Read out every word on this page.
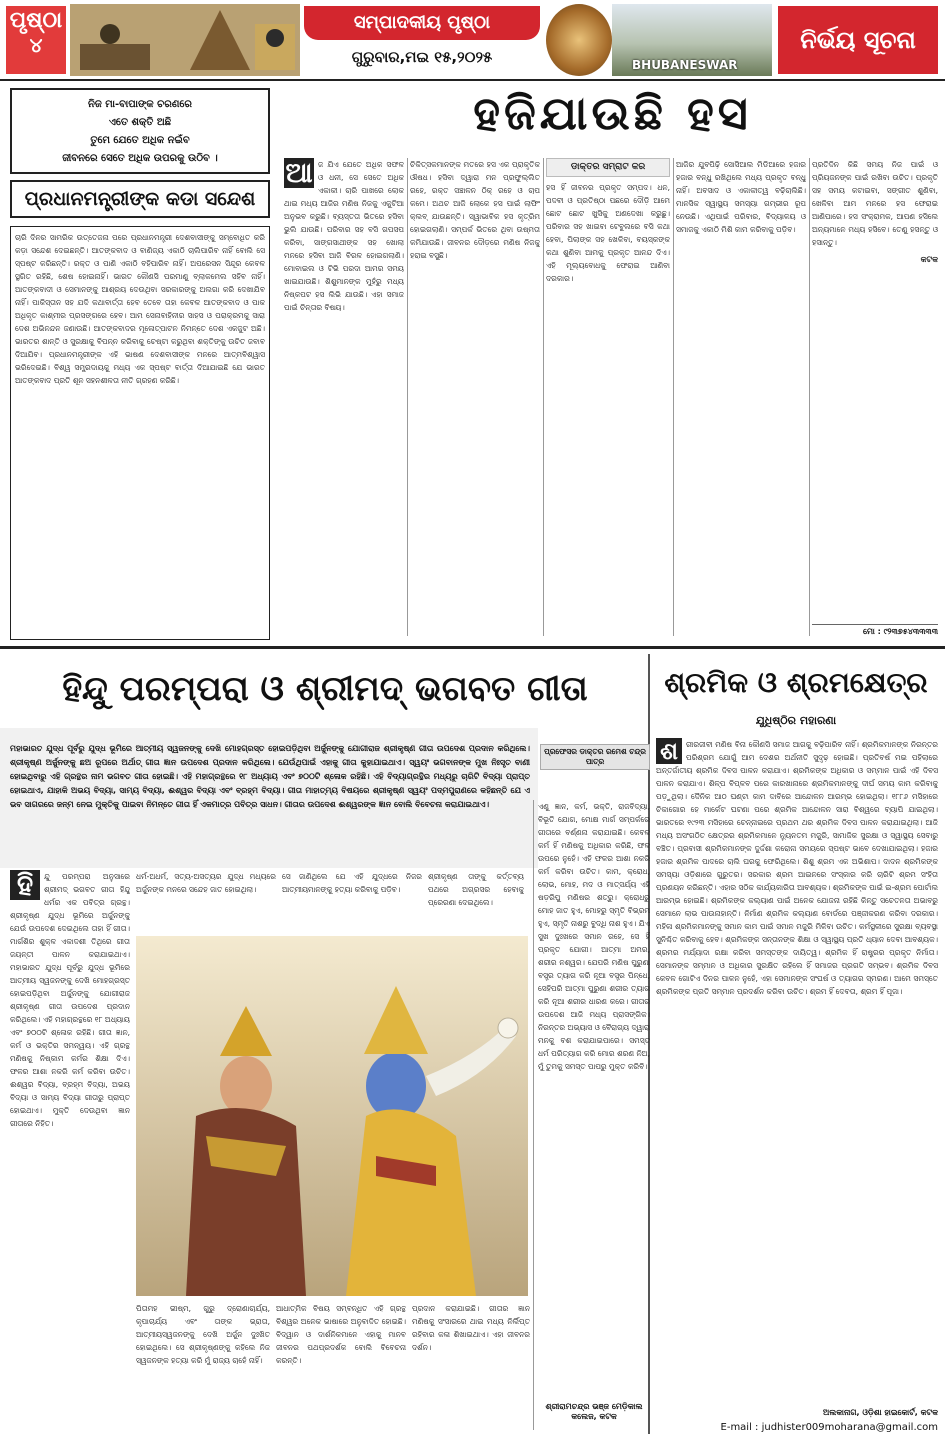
ପୃଷ୍ଠା
୪
ସମ୍ପାଦକୀୟ ପୃଷ୍ଠା
ଗୁରୁବାର,ମଇ ୧୫,୨୦୨୫	BHUBANESWAR
ନିର୍ଭୟ ସୂଚନା
ନିଜ ମା-ବାପାଙ୍କ ଚରଣରେ
ଏତେ ଶକ୍ତି ଅଛି
ତୁମେ ଯେତେ ଅଧିକ ନଇଁବ
ଜୀବନରେ ସେତେ ଅଧିକ ଉପରକୁ ଉଠିବ ।
ହଜିଯାଉଛି ହସ
ପ୍ରଧାନମନ୍ତ୍ରୀଙ୍କ କଡା ସନ୍ଦେଶ
ଚାରି ଦିନର ସାମରିକ ଉତ୍ତେଜନା ପରେ ପ୍ରଧାନମନ୍ତ୍ରୀ ଦେଶବାସୀଙ୍କୁ ସମ୍ବୋଧିତ କରି କଡ଼ା ସନ୍ଦେଶ ଦେଇଛନ୍ତି। ଆତଙ୍କବାଦ ଓ ବାଣିଜ୍ୟ ଏକାଠି ଚାଲିପାରିବ ନାହିଁ ବୋଲି ସେ ସ୍ପଷ୍ଟ କରିଛନ୍ତି। ରକ୍ତ ଓ ପାଣି ଏକାଠି ବହିପାରିବ ନାହିଁ। ଅପରେସନ ସିନ୍ଦୂର କେବଳ ସ୍ଥଗିତ ରହିଛି, ଶେଷ ହୋଇନାହିଁ। ଭାରତ କୌଣସି ପରମାଣୁ ବ୍ଲାକମେଲ ସହିବ ନାହିଁ। ଆତଙ୍କବାଦୀ ଓ ସେମାନଙ୍କୁ ଆଶ୍ରୟ ଦେଉଥିବା ସରକାରଙ୍କୁ ଅଲଗା କରି ଦେଖାଯିବ ନାହିଁ। ପାକିସ୍ତାନ ସହ ଯଦି କଥାବାର୍ତ୍ତା ହେବ ତେବେ ତାହା କେବଳ ଆତଙ୍କବାଦ ଓ ପାକ ଅଧିକୃତ କାଶ୍ମୀର ପ୍ରସଙ୍ଗରେ ହେବ। ଆମ ସେନାବାହିନୀର ସାହସ ଓ ପରାକ୍ରମକୁ ସାରା ଦେଶ ଅଭିନନ୍ଦନ ଜଣାଉଛି। ଆତଙ୍କବାଦର ମୂଳୋତ୍ପାଟନ ନିମନ୍ତେ ଦେଶ ଏକଜୁଟ ଅଛି। ଭାରତର ଶାନ୍ତି ଓ ସୁରକ୍ଷାକୁ ବିପନ୍ନ କରିବାକୁ ଚେଷ୍ଟା କରୁଥିବା ଶକ୍ତିଙ୍କୁ ଉଚିତ ଜବାବ ଦିଆଯିବ। ପ୍ରଧାନମନ୍ତ୍ରୀଙ୍କ ଏହି ଭାଷଣ ଦେଶବାସୀଙ୍କ ମନରେ ଆତ୍ମବିଶ୍ୱାସ ଭରିଦେଇଛି। ବିଶ୍ୱ ସମ୍ପ୍ରଦାୟକୁ ମଧ୍ୟ ଏକ ସ୍ପଷ୍ଟ ବାର୍ତ୍ତା ଦିଆଯାଇଛି ଯେ ଭାରତ ଆତଙ୍କବାଦ ପ୍ରତି ଶୂନ ସହନଶୀଳତା ନୀତି ଗ୍ରହଣ କରିଛି।
ଆ ଜ ଯିଏ ଯେତେ ଅଧିକ ସଫଳ ଓ ଧନୀ, ସେ ସେତେ ଅଧିକ ଏକାକୀ। ଚାରି ପାଖରେ ଲୋକ ଥାଇ ମଧ୍ୟ ଆଜିର ମଣିଷ ନିଜକୁ ଏକୁଟିଆ ଅନୁଭବ କରୁଛି। ବ୍ୟସ୍ତତା ଭିତରେ ହସିବା ଭୁଲି ଯାଉଛି। ପରିବାର ସହ ବସି ଗପସପ କରିବା, ସାଙ୍ଗସାଥୀଙ୍କ ସହ ଖୋଲା ମନରେ ହସିବା ଆଜି ବିରଳ ହୋଇଗଲାଣି। ମୋବାଇଲ ଓ ଟିଭି ପରଦା ଆମର ସମୟ ଖାଇଯାଉଛି। ଶିଶୁମାନଙ୍କ ମୁହଁରୁ ମଧ୍ୟ ନିଷ୍କପଟ ହସ ଲିଭି ଯାଉଛି। ଏହା ସମାଜ ପାଇଁ ଚିନ୍ତାର ବିଷୟ।
ଚିକିତ୍ସକମାନଙ୍କ ମତରେ ହସ ଏକ ପ୍ରାକୃତିକ ଔଷଧ। ହସିବା ଦ୍ୱାରା ମନ ପ୍ରଫୁଲ୍ଲିତ ରହେ, ରକ୍ତ ସଞ୍ଚାଳନ ଠିକ୍ ରହେ ଓ ଚାପ କମେ। ଅଥଚ ଆଜି ଲୋକେ ହସ ପାଇଁ ଲାଫିଂ କ୍ଲବ୍ ଯାଉଛନ୍ତି। ସ୍ୱାଭାବିକ ହସ କୃତ୍ରିମ ହୋଇଗଲାଣି। ସମ୍ପର୍କ ଭିତରେ ଥିବା ଉଷ୍ମତା କମିଯାଉଛି। ଜୀବନର ଦୌଡ଼ରେ ମଣିଷ ନିଜକୁ ହରାଇ ବସୁଛି।
ଡାକ୍ତର ସମ୍ରାଟ କର
ହସ ହିଁ ଜୀବନର ପ୍ରକୃତ ସମ୍ପଦ। ଧନ, ପଦବୀ ଓ ପ୍ରତିଷ୍ଠା ପଛରେ ଦୌଡ଼ି ଆମେ ଛୋଟ ଛୋଟ ଖୁସିକୁ ଅଣଦେଖା କରୁଛୁ। ପରିବାର ସହ ଖାଇବା ଟେବୁଲରେ ବସି କଥା ହେବା, ପିଲାଙ୍କ ସହ ଖେଳିବା, ବୟସ୍କଙ୍କ କଥା ଶୁଣିବା ଆମକୁ ପ୍ରକୃତ ଆନନ୍ଦ ଦିଏ। ଏହି ମୂଲ୍ୟବୋଧକୁ ଫେରାଇ ଆଣିବା ଦରକାର।
ଆଜିର ଯୁବପିଢ଼ି ସୋସିଆଲ ମିଡିଆରେ ହଜାର ହଜାର ବନ୍ଧୁ ରଖିଥିଲେ ମଧ୍ୟ ପ୍ରକୃତ ବନ୍ଧୁ ନାହିଁ। ଅବସାଦ ଓ ଏକାକୀତ୍ୱ ବଢ଼ିଚାଲିଛି। ମାନସିକ ସ୍ୱାସ୍ଥ୍ୟ ସମସ୍ୟା ଗମ୍ଭୀର ରୂପ ନେଉଛି। ଏଥିପାଇଁ ପରିବାର, ବିଦ୍ୟାଳୟ ଓ ସମାଜକୁ ଏକାଠି ମିଶି କାମ କରିବାକୁ ପଡ଼ିବ।
ପ୍ରତିଦିନ କିଛି ସମୟ ନିଜ ପାଇଁ ଓ ପ୍ରିୟଜନଙ୍କ ପାଇଁ ରଖିବା ଉଚିତ। ପ୍ରକୃତି ସହ ସମୟ କଟାଇବା, ସଙ୍ଗୀତ ଶୁଣିବା, ଖେଳିବା ଆମ ମନରେ ହସ ଫେରାଇ ଆଣିପାରେ। ହସ ସଂକ୍ରାମକ, ଆପଣ ହସିଲେ ଅନ୍ୟମାନେ ମଧ୍ୟ ହସିବେ। ତେଣୁ ହସନ୍ତୁ ଓ ହସାନ୍ତୁ।
କଟକ
ମୋ : ୯୨୩୭୫୪୩୩୩୩
ହିନ୍ଦୁ ପରମ୍ପରା ଓ ଶ୍ରୀମଦ୍ ଭଗବତ ଗୀତା	ଶ୍ରମିକ ଓ ଶ୍ରମକ୍ଷେତ୍ର
ଯୁଧିଷ୍ଠିର ମହାରଣା
ମହାଭାରତ ଯୁଦ୍ଧ ପୂର୍ବରୁ ଯୁଦ୍ଧ ଭୂମିରେ ଆତ୍ମୀୟ ସ୍ୱଜନଙ୍କୁ ଦେଖି ମୋହଗ୍ରସ୍ତ ହୋଇପଡ଼ିଥିବା ଅର୍ଜୁନଙ୍କୁ ଯୋଗୀରାଜ ଶ୍ରୀକୃଷ୍ଣ ଗୀତା ଉପଦେଶ ପ୍ରଦାନ କରିଥିଲେ। ଶ୍ରୀକୃଷ୍ଣ ଅର୍ଜୁନଙ୍କୁ ଛଅ ରୂପରେ ଅର୍ଥାତ୍ ଗୀତା ଜ୍ଞାନ ଉପଦେଶ ପ୍ରଦାନ କରିଥିଲେ। ଯେଉଁଥିପାଇଁ ଏହାକୁ ଗୀତା କୁହାଯାଇଥାଏ। ସ୍ୱୟଂ ଭଗବାନଙ୍କ ମୁଖ ନିଃସୃତ ବାଣୀ ହୋଇଥିବାରୁ ଏହି ଗ୍ରନ୍ଥର ନାମ ଭଗବତ ଗୀତା ହୋଇଛି। ଏହି ମହାଗ୍ରନ୍ଥରେ ୧୮ ଅଧ୍ୟାୟ ଏବଂ ୭୦୦ଟି ଶ୍ଳୋକ ରହିଛି। ଏହି ବିଦ୍ୟାଗ୍ରନ୍ଥିର ମଧ୍ୟରୁ ଚାରିଟି ବିଦ୍ୟା ପ୍ରାପ୍ତ ହୋଇଥାଏ, ଯାହାକି ଅଭୟ ବିଦ୍ୟା, ସାମ୍ୟ ବିଦ୍ୟା, ଈଶ୍ୱର ବିଦ୍ୟା ଏବଂ ବ୍ରହ୍ମ ବିଦ୍ୟା। ଗୀତା ମାହାତ୍ମ୍ୟ ବିଷୟରେ ଶ୍ରୀକୃଷ୍ଣ ସ୍ୱୟଂ ପଦ୍ମପୁରାଣରେ କହିଛନ୍ତି ଯେ ଏ ଭବ ସାଗରରେ ଜନ୍ମ ନେଇ ମୁକ୍ତିକୁ ପାଇବା ନିମନ୍ତେ ଗୀତା ହିଁ ଏକମାତ୍ର ପବିତ୍ର ସାଧନ। ଗୀତାର ଉପଦେଶ ଈଶ୍ୱରଙ୍କ ଜ୍ଞାନ ବୋଲି ବିବେଚନା କରାଯାଇଥାଏ।
ପ୍ରଫେସର ଡାକ୍ତର ରମେଶ ଚନ୍ଦ୍ର ପାତ୍ର
ହି	ନ୍ଦୁ ପରମ୍ପରା ଅନୁସାରେ ଶ୍ରୀମଦ୍ ଭଗବତ ଗୀତା ହିନ୍ଦୁ ଧର୍ମର ଏକ ପବିତ୍ର ଗ୍ରନ୍ଥ। ଶ୍ରୀକୃଷ୍ଣ ଯୁଦ୍ଧ ଭୂମିରେ ଅର୍ଜୁନଙ୍କୁ ଯେଉଁ ଉପଦେଶ ଦେଇଥିଲେ ତାହା ହିଁ ଗୀତା। ମାର୍ଗଶିର ଶୁକ୍ଳ ଏକାଦଶୀ ତିଥିରେ ଗୀତା ଜୟନ୍ତୀ ପାଳନ କରାଯାଇଥାଏ। ମହାଭାରତ ଯୁଦ୍ଧ ପୂର୍ବରୁ ଯୁଦ୍ଧ ଭୂମିରେ ଆତ୍ମୀୟ ସ୍ୱଜନଙ୍କୁ ଦେଖି ମୋହଗ୍ରସ୍ତ ହୋଇପଡ଼ିଥିବା ଅର୍ଜୁନଙ୍କୁ ଯୋଗୀରାଜ ଶ୍ରୀକୃଷ୍ଣ ଗୀତା ଉପଦେଶ ପ୍ରଦାନ କରିଥିଲେ। ଏହି ମହାଗ୍ରନ୍ଥରେ ୧୮ ଅଧ୍ୟାୟ ଏବଂ ୭୦୦ଟି ଶ୍ଳୋକ ରହିଛି। ଗୀତା ଜ୍ଞାନ, କର୍ମ ଓ ଭକ୍ତିର ସମନ୍ୱୟ। ଏହି ଗ୍ରନ୍ଥ ମଣିଷକୁ ନିଷ୍କାମ କର୍ମର ଶିକ୍ଷା ଦିଏ। ଫଳର ଆଶା ନକରି କର୍ମ କରିବା ଉଚିତ। ଈଶ୍ୱର ବିଦ୍ୟା, ବ୍ରହ୍ମ ବିଦ୍ୟା, ଅଭୟ ବିଦ୍ୟା ଓ ସାମ୍ୟ ବିଦ୍ୟା ଗୀତାରୁ ପ୍ରାପ୍ତ ହୋଇଥାଏ। ମୁକ୍ତି ଦେଉଥିବା ଜ୍ଞାନ ଗୀତାରେ ନିହିତ।
ଧର୍ମ-ଅଧର୍ମ, ସତ୍ୟ-ଅସତ୍ୟର ଯୁଦ୍ଧ ମଧ୍ୟରେ ଅର୍ଜୁନଙ୍କ ମନରେ ସନ୍ଦେହ ଜାତ ହୋଇଥିଲା।
ସେ ଜାଣିଥିଲେ ଯେ ଏହି ଯୁଦ୍ଧରେ ନିଜର ଆତ୍ମୀୟମାନଙ୍କୁ ହତ୍ୟା କରିବାକୁ ପଡ଼ିବ।
ଶ୍ରୀକୃଷ୍ଣ ତାଙ୍କୁ କର୍ତ୍ତବ୍ୟ ପଥରେ ଅଗ୍ରସର ହେବାକୁ ପ୍ରେରଣା ଦେଇଥିଲେ।
ଏଣୁ ଜ୍ଞାନ, କର୍ମ, ଭକ୍ତି, ରାଜବିଦ୍ୟା, ବିଭୂତି ଯୋଗ, ମୋକ୍ଷ ମାର୍ଗ ସମ୍ପର୍କରେ ଗୀତାରେ ବର୍ଣ୍ଣନା କରାଯାଇଛି। କେବଳ କର୍ମ ହିଁ ମଣିଷକୁ ଅଧିକାର କରିଛି, ଫଳ ଉପରେ ନୁହେଁ। ଏହି ଫଳର ଆଶା ନକରି କର୍ମ କରିବା ଉଚିତ। କାମ, କ୍ରୋଧ, ଲୋଭ, ମୋହ, ମଦ ଓ ମାତ୍ସର୍ଯ୍ୟ ଏହି ଷଡ଼ରିପୁ ମଣିଷର ଶତ୍ରୁ। କ୍ରୋଧରୁ ମୋହ ଜାତ ହୁଏ, ମୋହରୁ ସ୍ମୃତି ବିଭ୍ରମ ହୁଏ, ସ୍ମୃତି ନାଶରୁ ବୁଦ୍ଧି ନାଶ ହୁଏ। ଯିଏ ସୁଖ ଦୁଃଖରେ ସମାନ ରହେ, ସେ ହିଁ ପ୍ରକୃତ ଯୋଗୀ। ଆତ୍ମା ଅମର, ଶରୀର ନଶ୍ୱର। ଯେପରି ମଣିଷ ପୁରୁଣା ବସ୍ତ୍ର ତ୍ୟାଗ କରି ନୂଆ ବସ୍ତ୍ର ପିନ୍ଧେ, ସେହିପରି ଆତ୍ମା ପୁରୁଣା ଶରୀର ତ୍ୟାଗ କରି ନୂଆ ଶରୀର ଧାରଣ କରେ। ଗୀତାର ଉପଦେଶ ଆଜି ମଧ୍ୟ ପ୍ରାସଙ୍ଗିକ। ନିରନ୍ତର ଅଭ୍ୟାସ ଓ ବୈରାଗ୍ୟ ଦ୍ୱାରା ମନକୁ ବଶ କରାଯାଇପାରେ। ସମସ୍ତ ଧର୍ମ ପରିତ୍ୟାଗ କରି ମୋର ଶରଣ ନିଅ, ମୁଁ ତୁମକୁ ସମସ୍ତ ପାପରୁ ମୁକ୍ତ କରିବି।
ପିତାମହ ଭୀଷ୍ମ, ଗୁରୁ ଦ୍ରୋଣାଚାର୍ଯ୍ୟ, କୃପାଚାର୍ଯ୍ୟ ଏବଂ ତାଙ୍କ ଭ୍ରାତା, ଆତ୍ମୀୟସ୍ୱଜନଙ୍କୁ ଦେଖି ଅର୍ଜୁନ ଦୁଃଖିତ ହୋଇଥିଲେ। ସେ ଶ୍ରୀକୃଷ୍ଣଙ୍କୁ କହିଲେ ନିଜ ସ୍ୱଜନଙ୍କ ହତ୍ୟା କରି ମୁଁ ରାଜ୍ୟ ଚାହେଁ ନାହିଁ।
ଆଧାତ୍ମିକ ବିଷୟ ସମ୍ବନ୍ଧିତ ଏହି ଗ୍ରନ୍ଥ ବିଶ୍ୱର ଅନେକ ଭାଷାରେ ଅନୁବାଦିତ ହୋଇଛି। ବିଦ୍ୱାନ ଓ ଦାର୍ଶନିକମାନେ ଏହାକୁ ମାନବ ଜୀବନର ପଥପ୍ରଦର୍ଶକ ବୋଲି ବିବେଚନା କରନ୍ତି।
ପ୍ରଦାନ କରାଯାଇଛି। ଗୀତାର ଜ୍ଞାନ ମଣିଷକୁ ସଂସାରରେ ଥାଇ ମଧ୍ୟ ନିର୍ଲିପ୍ତ ରହିବାର କଳା ଶିଖାଇଥାଏ। ଏହା ଜୀବନର ଦର୍ଶନ।
ଶ୍ରୀରାମଚନ୍ଦ୍ର ଭଞ୍ଜ ମେଡ଼ିକାଲ
କଲେଜ, କଟକ
ଶ	ରୀରଜୀବୀ ମଣିଷ ବିନା କୌଣସି ସମାଜ ଆଗକୁ ବଢ଼ିପାରିବ ନାହିଁ। ଶ୍ରମିକମାନଙ୍କ ନିରନ୍ତର ପରିଶ୍ରମ ଯୋଗୁଁ ଆମ ଦେଶର ଅର୍ଥନୀତି ସୁଦୃଢ଼ ହୋଇଛି। ପ୍ରତିବର୍ଷ ମଇ ପହିଲାରେ ଅନ୍ତର୍ଜାତୀୟ ଶ୍ରମିକ ଦିବସ ପାଳନ କରାଯାଏ। ଶ୍ରମିକଙ୍କ ଅଧିକାର ଓ ସମ୍ମାନ ପାଇଁ ଏହି ଦିବସ ପାଳନ କରାଯାଏ। ଶିଳ୍ପ ବିପ୍ଳବ ପରେ କାରଖାନାରେ ଶ୍ରମିକମାନଙ୍କୁ ଦୀର୍ଘ ସମୟ କାମ କରିବାକୁ ପଡ଼ୁଥିଲା। ଦୈନିକ ଆଠ ଘଣ୍ଟା କାମ ଦାବିରେ ଆନ୍ଦୋଳନ ଆରମ୍ଭ ହୋଇଥିଲା। ୧୮୮୬ ମସିହାରେ ଚିକାଗୋର ହେ ମାର୍କେଟ ଘଟଣା ପରେ ଶ୍ରମିକ ଆନ୍ଦୋଳନ ସାରା ବିଶ୍ୱରେ ବ୍ୟାପି ଯାଇଥିଲା। ଭାରତରେ ୧୯୨୩ ମସିହାରେ ଚେନ୍ନାଇରେ ପ୍ରଥମ ଥର ଶ୍ରମିକ ଦିବସ ପାଳନ କରାଯାଇଥିଲା। ଆଜି ମଧ୍ୟ ଅସଂଗଠିତ କ୍ଷେତ୍ରର ଶ୍ରମିକମାନେ ନ୍ୟୁନତମ ମଜୁରି, ସାମାଜିକ ସୁରକ୍ଷା ଓ ସ୍ୱାସ୍ଥ୍ୟ ସେବାରୁ ବଞ୍ଚିତ। ପ୍ରବାସୀ ଶ୍ରମିକମାନଙ୍କ ଦୁର୍ଦ୍ଦଶା କରୋନା ସମୟରେ ସ୍ପଷ୍ଟ ଭାବେ ଦେଖାଯାଇଥିଲା। ହଜାର ହଜାର ଶ୍ରମିକ ପାଦରେ ଚାଲି ଘରକୁ ଫେରିଥିଲେ। ଶିଶୁ ଶ୍ରମ ଏକ ଅଭିଶାପ। ଦାଦନ ଶ୍ରମିକଙ୍କ ସମସ୍ୟା ଓଡ଼ିଶାରେ ଗୁରୁତର। ସରକାର ଶ୍ରମ ଆଇନରେ ସଂସ୍କାର କରି ଚାରିଟି ଶ୍ରମ ସଂହିତା ପ୍ରଣୟନ କରିଛନ୍ତି। ଏହାର ସଠିକ କାର୍ଯ୍ୟକାରିତା ଆବଶ୍ୟକ। ଶ୍ରମିକଙ୍କ ପାଇଁ ଇ-ଶ୍ରମ ପୋର୍ଟାଲ ଆରମ୍ଭ ହୋଇଛି। ଶ୍ରମିକଙ୍କ କଲ୍ୟାଣ ପାଇଁ ଅନେକ ଯୋଜନା ରହିଛି କିନ୍ତୁ ସଚେତନତା ଅଭାବରୁ ସେମାନେ ଲାଭ ପାଉନାହାନ୍ତି। ନିର୍ମାଣ ଶ୍ରମିକ କଲ୍ୟାଣ ବୋର୍ଡରେ ପଞ୍ଜୀକରଣ କରିବା ଦରକାର। ମହିଳା ଶ୍ରମିକମାନଙ୍କୁ ସମାନ କାମ ପାଇଁ ସମାନ ମଜୁରି ମିଳିବା ଉଚିତ। କର୍ମସ୍ଥଳୀରେ ସୁରକ୍ଷା ବ୍ୟବସ୍ଥା ସୁନିଶ୍ଚିତ କରିବାକୁ ହେବ। ଶ୍ରମିକଙ୍କ ସନ୍ତାନଙ୍କ ଶିକ୍ଷା ଓ ସ୍ୱାସ୍ଥ୍ୟ ପ୍ରତି ଧ୍ୟାନ ଦେବା ଆବଶ୍ୟକ। ଶ୍ରମର ମର୍ଯ୍ୟାଦା ରକ୍ଷା କରିବା ସମସ୍ତଙ୍କ ଦାୟିତ୍ୱ। ଶ୍ରମିକ ହିଁ ରାଷ୍ଟ୍ରର ପ୍ରକୃତ ନିର୍ମାତା। ସେମାନଙ୍କ ସମ୍ମାନ ଓ ଅଧିକାର ସୁରକ୍ଷିତ ରହିଲେ ହିଁ ସମାଜର ପ୍ରଗତି ସମ୍ଭବ। ଶ୍ରମିକ ଦିବସ କେବଳ ଗୋଟିଏ ଦିନର ପାଳନ ନୁହେଁ, ଏହା ସେମାନଙ୍କ ସଂଘର୍ଷ ଓ ତ୍ୟାଗର ସ୍ମରଣ। ଆମେ ସମସ୍ତେ ଶ୍ରମିକଙ୍କ ପ୍ରତି ସମ୍ମାନ ପ୍ରଦର୍ଶନ କରିବା ଉଚିତ। ଶ୍ରମ ହିଁ ଦେବତା, ଶ୍ରମ ହିଁ ପୂଜା।
ଅଲକାନାଗ, ଓଡ଼ିଶା ହାଇକୋର୍ଟ, କଟକ
E-mail : judhister009moharana@gmail.com
